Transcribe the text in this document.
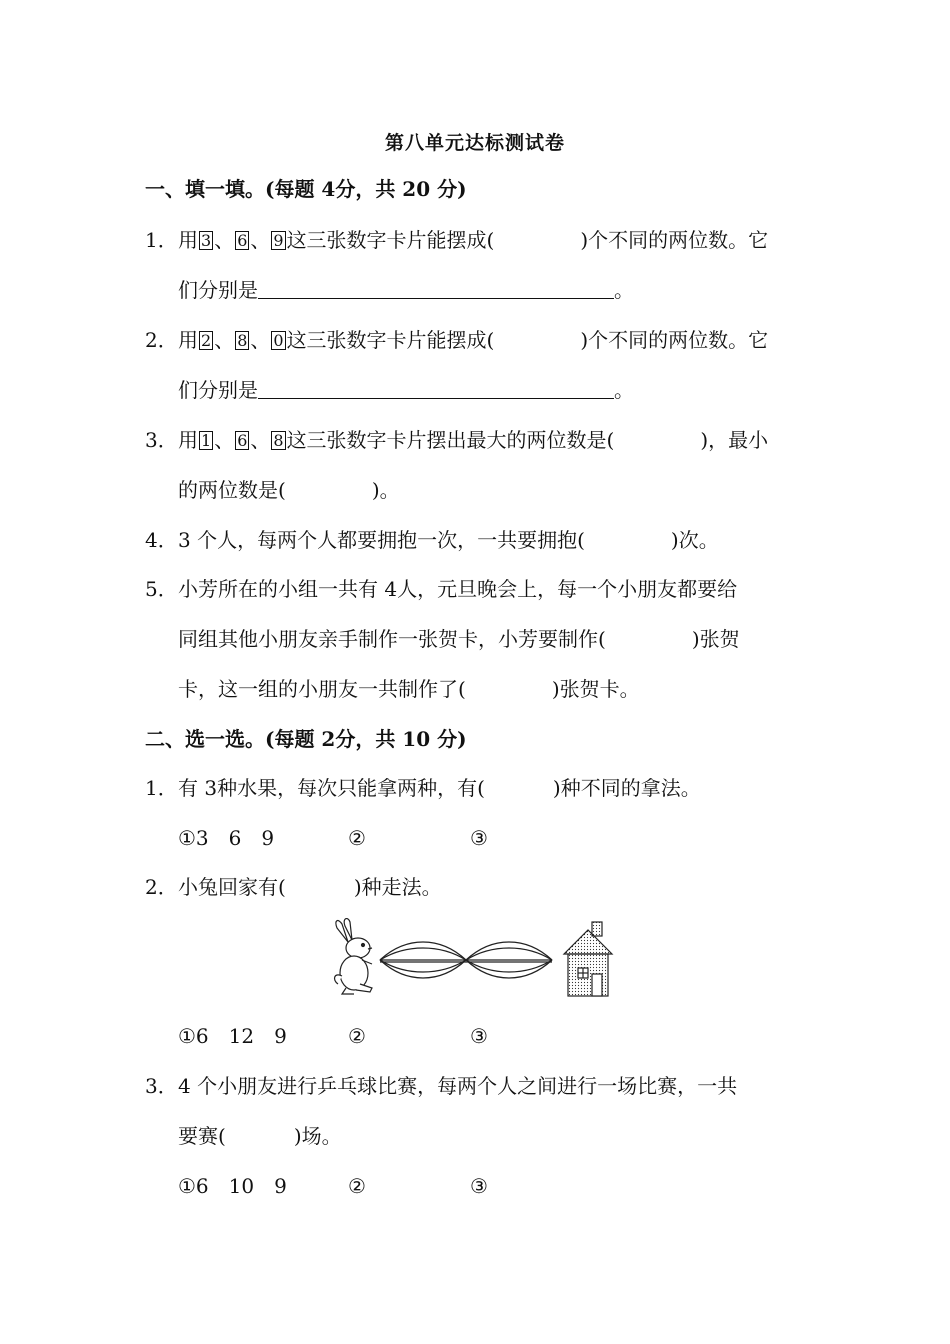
第八单元达标测试卷
一、填一填。(每题 4分，共 20 分)
1．用 3 、 6 、 9 这三张数字卡片能摆成(	)个不同的两位数。它
们分别是	。
2．用 2 、 8 、 0 这三张数字卡片能摆成(	)个不同的两位数。它
们分别是	。
3．用 1 、 6 、 8 这三张数字卡片摆出最大的两位数是(	)，最小
的两位数是(	)。
4．3 个人，每两个人都要拥抱一次，一共要拥抱(	)次。
5．小芳所在的小组一共有 4人，元旦晚会上，每一个小朋友都要给
同组其他小朋友亲手制作一张贺卡，小芳要制作(	)张贺
卡，这一组的小朋友一共制作了(	)张贺卡。
二、选一选。(每题 2分，共 10 分)
1．有 3种水果，每次只能拿两种，有(	)种不同的拿法。
①3　6　9	②	③
2．小兔回家有(	)种走法。
①6　12　9	②	③
3．4 个小朋友进行乒乓球比赛，每两个人之间进行一场比赛，一共
要赛(	)场。
①6　10　9	②	③
